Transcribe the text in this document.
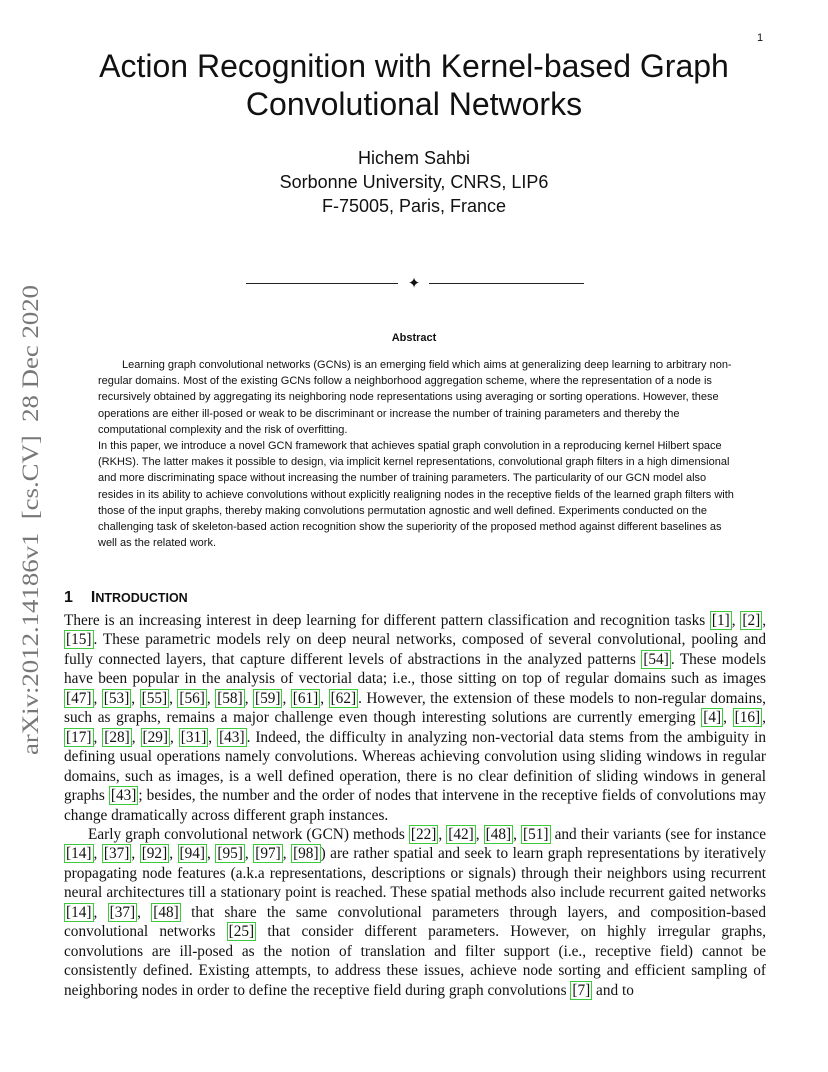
1
arXiv:2012.14186v1  [cs.CV]  28 Dec 2020
Action Recognition with Kernel-based Graph
Convolutional Networks
Hichem Sahbi
Sorbonne University, CNRS, LIP6
F-75005, Paris, France
✦
Abstract

Learning graph convolutional networks (GCNs) is an emerging field which aims at generalizing deep learning to arbitrary non-regular domains. Most of the existing GCNs follow a neighborhood aggregation scheme, where the representation of a node is recursively obtained by aggregating its neighboring node representations using averaging or sorting operations. However, these operations are either ill-posed or weak to be discriminant or increase the number of training parameters and thereby the computational complexity and the risk of overfitting.

In this paper, we introduce a novel GCN framework that achieves spatial graph convolution in a reproducing kernel Hilbert space (RKHS). The latter makes it possible to design, via implicit kernel representations, convolutional graph filters in a high dimensional and more discriminating space without increasing the number of training parameters. The particularity of our GCN model also resides in its ability to achieve convolutions without explicitly realigning nodes in the receptive fields of the learned graph filters with those of the input graphs, thereby making convolutions permutation agnostic and well defined. Experiments conducted on the challenging task of skeleton-based action recognition show the superiority of the proposed method against different baselines as well as the related work.

1 INTRODUCTION

There is an increasing interest in deep learning for different pattern classification and recognition tasks [1] , [2] , [15] . These parametric models rely on deep neural networks, composed of several convolutional, pooling and fully connected layers, that capture different levels of abstractions in the analyzed patterns [54] . These models have been popular in the analysis of vectorial data; i.e., those sitting on top of regular domains such as images [47] , [53] , [55] , [56] , [58] , [59] , [61] , [62] . However, the extension of these models to non-regular domains, such as graphs, remains a major challenge even though interesting solutions are currently emerging [4] , [16] , [17] , [28] , [29] , [31] , [43] . Indeed, the difficulty in analyzing non-vectorial data stems from the ambiguity in defining usual operations namely convolutions. Whereas achieving convolution using sliding windows in regular domains, such as images, is a well defined operation, there is no clear definition of sliding windows in general graphs [43] ; besides, the number and the order of nodes that intervene in the receptive fields of convolutions may change dramatically across different graph instances.

Early graph convolutional network (GCN) methods [22] , [42] , [48] , [51] and their variants (see for instance [14] , [37] , [92] , [94] , [95] , [97] , [98] ) are rather spatial and seek to learn graph representations by iteratively propagating node features (a.k.a representations, descriptions or signals) through their neighbors using recurrent neural architectures till a stationary point is reached. These spatial methods also include recurrent gaited networks [14] , [37] , [48] that share the same convolutional parameters through layers, and composition-based convolutional networks [25] that consider different parameters. However, on highly irregular graphs, convolutions are ill-posed as the notion of translation and filter support (i.e., receptive field) cannot be consistently defined. Existing attempts, to address these issues, achieve node sorting and efficient sampling of neighboring nodes in order to define the receptive field during graph convolutions [7] and to
